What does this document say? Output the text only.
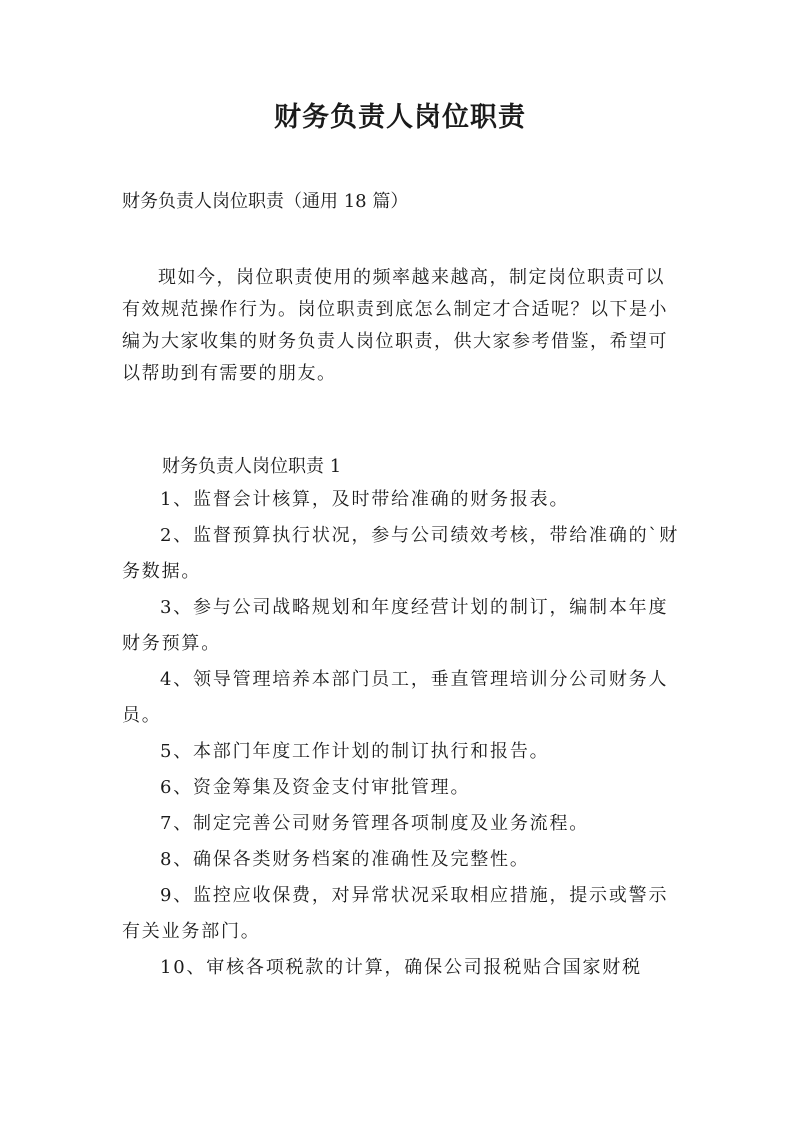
财务负责人岗位职责
财务负责人岗位职责（通用 18 篇）
现如今，岗位职责使用的频率越来越高，制定岗位职责可以有效规范操作行为。岗位职责到底怎么制定才合适呢？以下是小编为大家收集的财务负责人岗位职责，供大家参考借鉴，希望可以帮助到有需要的朋友。
财务负责人岗位职责 1
1、监督会计核算，及时带给准确的财务报表。
2、监督预算执行状况，参与公司绩效考核，带给准确的`财务数据。
3、参与公司战略规划和年度经营计划的制订，编制本年度财务预算。
4、领导管理培养本部门员工，垂直管理培训分公司财务人员。
5、本部门年度工作计划的制订执行和报告。
6、资金筹集及资金支付审批管理。
7、制定完善公司财务管理各项制度及业务流程。
8、确保各类财务档案的准确性及完整性。
9、监控应收保费，对异常状况采取相应措施，提示或警示有关业务部门。
10、审核各项税款的计算，确保公司报税贴合国家财税
